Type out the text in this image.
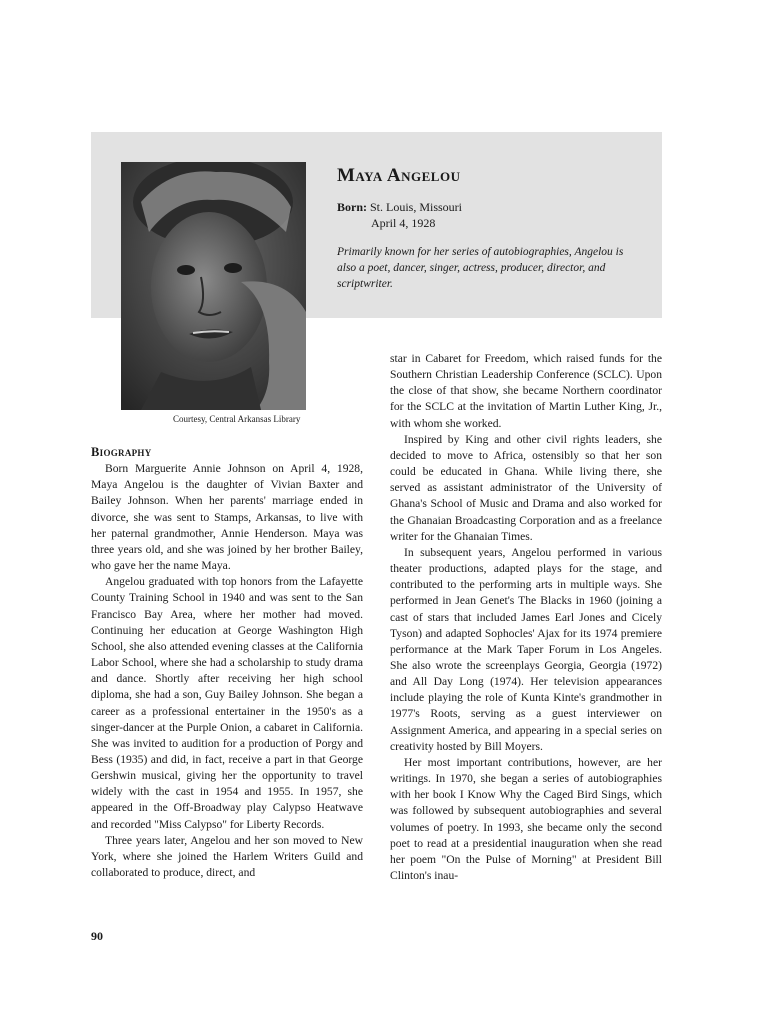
Courtesy, Central Arkansas Library
Maya Angelou
Born: St. Louis, Missouri
April 4, 1928
Primarily known for her series of autobiographies, Angelou is also a poet, dancer, singer, actress, producer, director, and scriptwriter.
Biography

Born Marguerite Annie Johnson on April 4, 1928, Maya Angelou is the daughter of Vivian Baxter and Bailey Johnson. When her parents' marriage ended in divorce, she was sent to Stamps, Arkansas, to live with her paternal grandmother, Annie Henderson. Maya was three years old, and she was joined by her brother Bailey, who gave her the name Maya.

Angelou graduated with top honors from the Lafayette County Training School in 1940 and was sent to the San Francisco Bay Area, where her mother had moved. Continuing her education at George Washington High School, she also attended evening classes at the California Labor School, where she had a scholarship to study drama and dance. Shortly after receiving her high school diploma, she had a son, Guy Bailey Johnson. She began a career as a professional entertainer in the 1950's as a singer-dancer at the Purple Onion, a cabaret in California. She was invited to audition for a production of Porgy and Bess (1935) and did, in fact, receive a part in that George Gershwin musical, giving her the opportunity to travel widely with the cast in 1954 and 1955. In 1957, she appeared in the Off-Broadway play Calypso Heatwave and recorded "Miss Calypso" for Liberty Records.

Three years later, Angelou and her son moved to New York, where she joined the Harlem Writers Guild and collaborated to produce, direct, and

star in Cabaret for Freedom, which raised funds for the Southern Christian Leadership Conference (SCLC). Upon the close of that show, she became Northern coordinator for the SCLC at the invitation of Martin Luther King, Jr., with whom she worked.

Inspired by King and other civil rights leaders, she decided to move to Africa, ostensibly so that her son could be educated in Ghana. While living there, she served as assistant administrator of the University of Ghana's School of Music and Drama and also worked for the Ghanaian Broadcasting Corporation and as a freelance writer for the Ghanaian Times.

In subsequent years, Angelou performed in various theater productions, adapted plays for the stage, and contributed to the performing arts in multiple ways. She performed in Jean Genet's The Blacks in 1960 (joining a cast of stars that included James Earl Jones and Cicely Tyson) and adapted Sophocles' Ajax for its 1974 premiere performance at the Mark Taper Forum in Los Angeles. She also wrote the screenplays Georgia, Georgia (1972) and All Day Long (1974). Her television appearances include playing the role of Kunta Kinte's grandmother in 1977's Roots, serving as a guest interviewer on Assignment America, and appearing in a special series on creativity hosted by Bill Moyers.

Her most important contributions, however, are her writings. In 1970, she began a series of autobiographies with her book I Know Why the Caged Bird Sings, which was followed by subsequent autobiographies and several volumes of poetry. In 1993, she became only the second poet to read at a presidential inauguration when she read her poem "On the Pulse of Morning" at President Bill Clinton's inau-

90
